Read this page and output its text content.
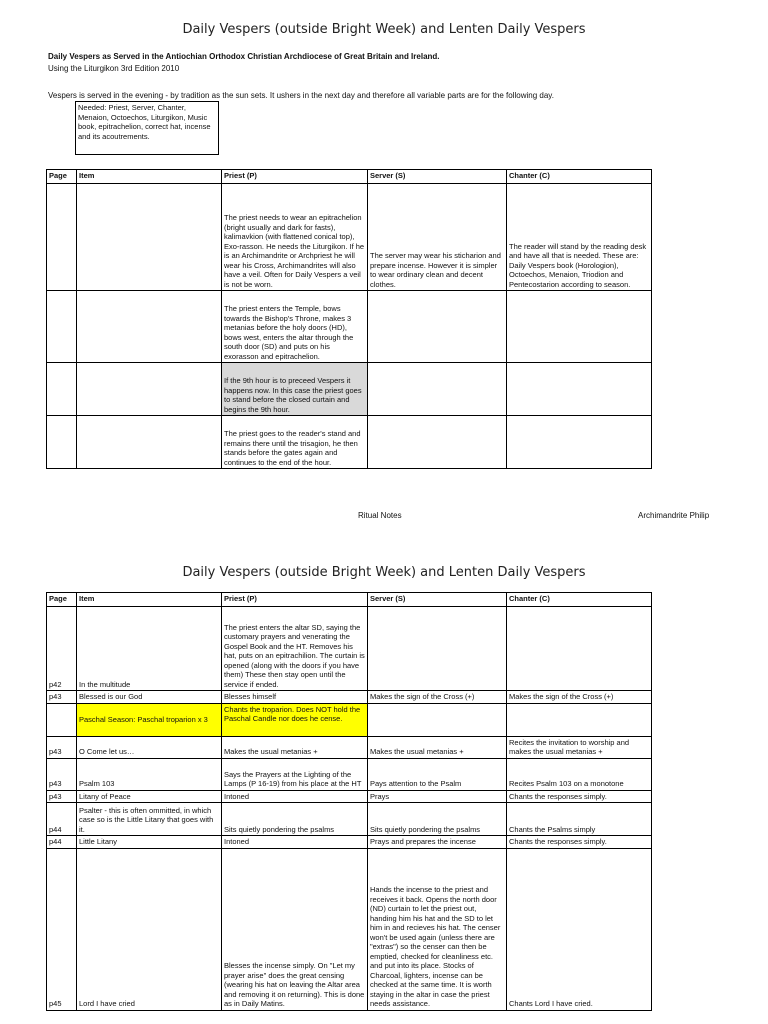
Daily Vespers (outside Bright Week) and Lenten Daily Vespers
Daily Vespers as Served in the Antiochian Orthodox Christian Archdiocese of Great Britain and Ireland.
Using the Liturgikon 3rd Edition 2010
Vespers is served in the evening - by tradition as the sun sets. It ushers in the next day and therefore all variable parts are for the following day.
Needed: Priest, Server, Chanter, Menaion, Octoechos, Liturgikon, Music book, epitrachelion, correct hat, incense and its acoutrements.
Page	Item	Priest (P)	Server (S)	Chanter (C)
		The priest needs to wear an epitrachelion (bright usually and dark for fasts), kalimavkion (with flattened conical top), Exo-rasson. He needs the Liturgikon. If he is an Archimandrite or Archpriest he will wear his Cross, Archimandrites will also have a veil. Often for Daily Vespers a veil is not be worn.	The server may wear his sticharion and prepare incense. However it is simpler to wear ordinary clean and decent clothes.	The reader will stand by the reading desk and have all that is needed. These are: Daily Vespers book (Horologion), Octoechos, Menaion, Triodion and Pentecostarion according to season.
		The priest enters the Temple, bows towards the Bishop's Throne, makes 3 metanias before the holy doors (HD), bows west, enters the altar through the south door (SD) and puts on his exorasson and epitrachelion.		
		If the 9th hour is to preceed Vespers it happens now. In this case the priest goes to stand before the closed curtain and begins the 9th hour.		
		The priest goes to the reader's stand and remains there until the trisagion, he then stands before the gates again and continues to the end of the hour.		
Ritual Notes	Archimandrite Philip
Daily Vespers (outside Bright Week) and Lenten Daily Vespers
Page	Item	Priest (P)	Server (S)	Chanter (C)
p42	In the multitude	The priest enters the altar SD, saying the customary prayers and venerating the Gospel Book and the HT. Removes his hat, puts on an epitrachilion. The curtain is opened (along with the doors if you have them) These then stay open until the service if ended.		
p43	Blessed is our God	Blesses himself	Makes the sign of the Cross (+)	Makes the sign of the Cross (+)
	Paschal Season: Paschal troparion x 3	Chants the troparion. Does NOT hold the Paschal Candle nor does he cense.		
p43	O Come let us…	Makes the usual metanias +	Makes the usual metanias +	Recites the invitation to worship and makes the usual metanias +
p43	Psalm 103	Says the Prayers at the Lighting of the Lamps (P 16-19) from his place at the HT	Pays attention to the Psalm	Recites Psalm 103 on a monotone
p43	Litany of Peace	Intoned	Prays	Chants the responses simply.
p44	Psalter - this is often ommitted, in which case so is the Little Litany that goes with it.	Sits quietly pondering the psalms	Sits quietly pondering the psalms	Chants the Psalms simply
p44	Little Litany	Intoned	Prays and prepares the incense	Chants the responses simply.
p45	Lord I have cried	Blesses the incense simply. On "Let my prayer arise" does the great censing (wearing his hat on leaving the Altar area and removing it on returning). This is done as in Daily Matins.	Hands the incense to the priest and receives it back. Opens the north door (ND) curtain to let the priest out, handing him his hat and the SD to let him in and recieves his hat. The censer won't be used again (unless there are "extras") so the censer can then be emptied, checked for cleanliness etc. and put into its place. Stocks of Charcoal, lighters, incense can be checked at the same time. It is worth staying in the altar in case the priest needs assistance.	Chants Lord I have cried.
